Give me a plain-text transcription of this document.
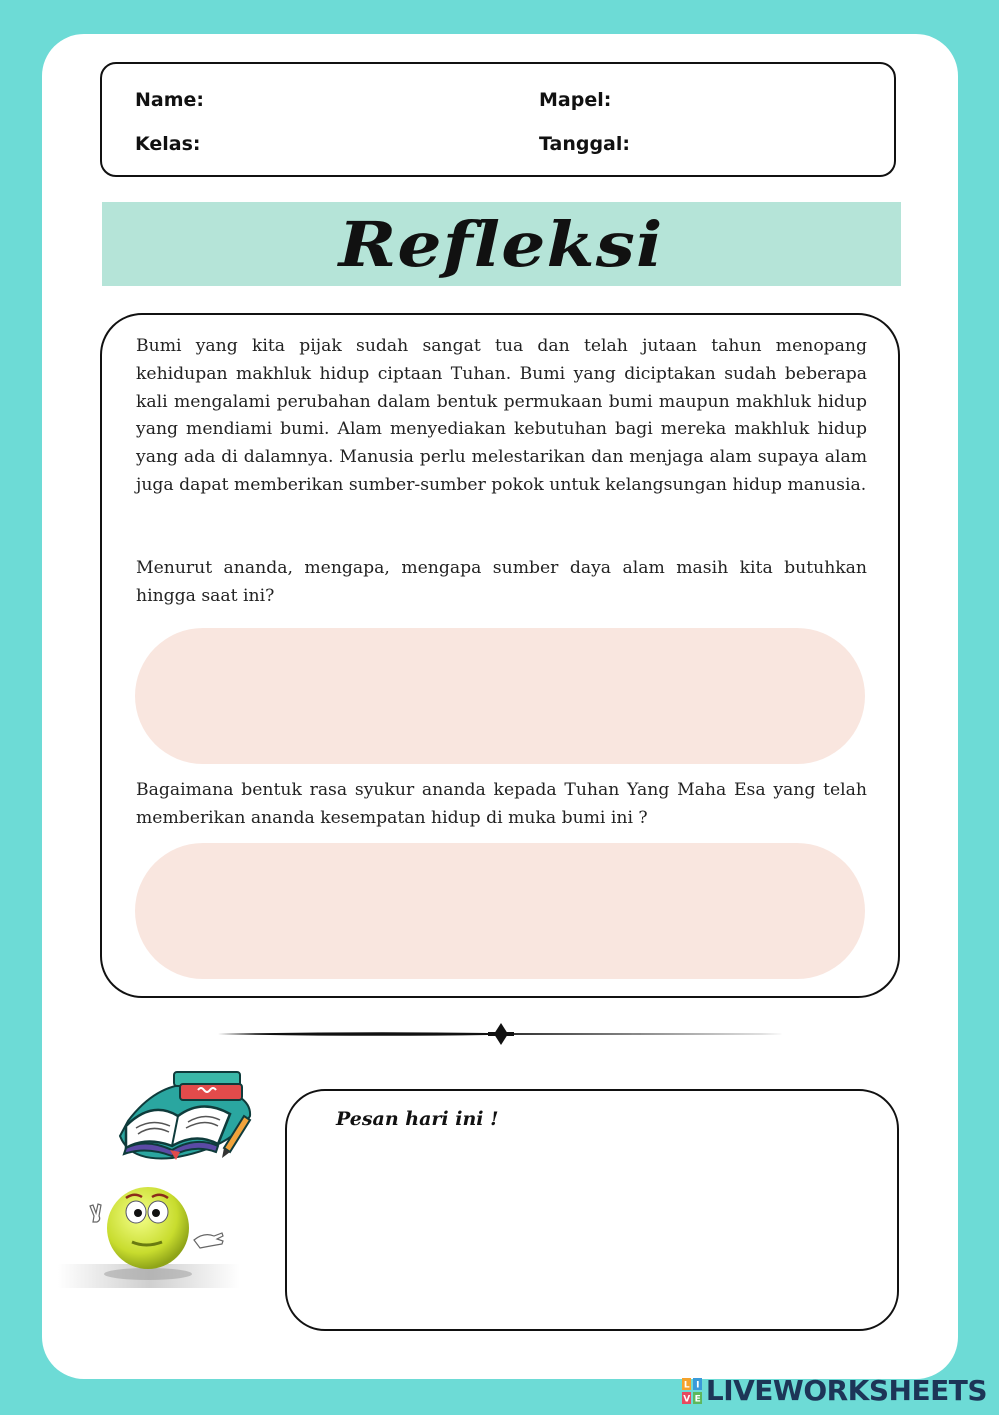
Name:	Mapel:
Kelas:	Tanggal:
Refleksi

Bumi yang kita pijak sudah sangat tua dan telah jutaan tahun menopang kehidupan makhluk hidup ciptaan Tuhan. Bumi yang diciptakan sudah beberapa kali mengalami perubahan dalam bentuk permukaan bumi maupun makhluk hidup yang mendiami bumi. Alam menyediakan kebutuhan bagi mereka makhluk hidup yang ada di dalamnya. Manusia perlu melestarikan dan menjaga alam supaya alam juga dapat memberikan sumber-sumber pokok untuk kelangsungan hidup manusia.

Menurut ananda, mengapa, mengapa sumber daya alam masih kita butuhkan hingga saat ini?

Bagaimana bentuk rasa syukur ananda kepada Tuhan Yang Maha Esa yang telah memberikan ananda kesempatan hidup di muka bumi ini ?

Pesan hari ini !
L I
V E LIVEWORKSHEETS
